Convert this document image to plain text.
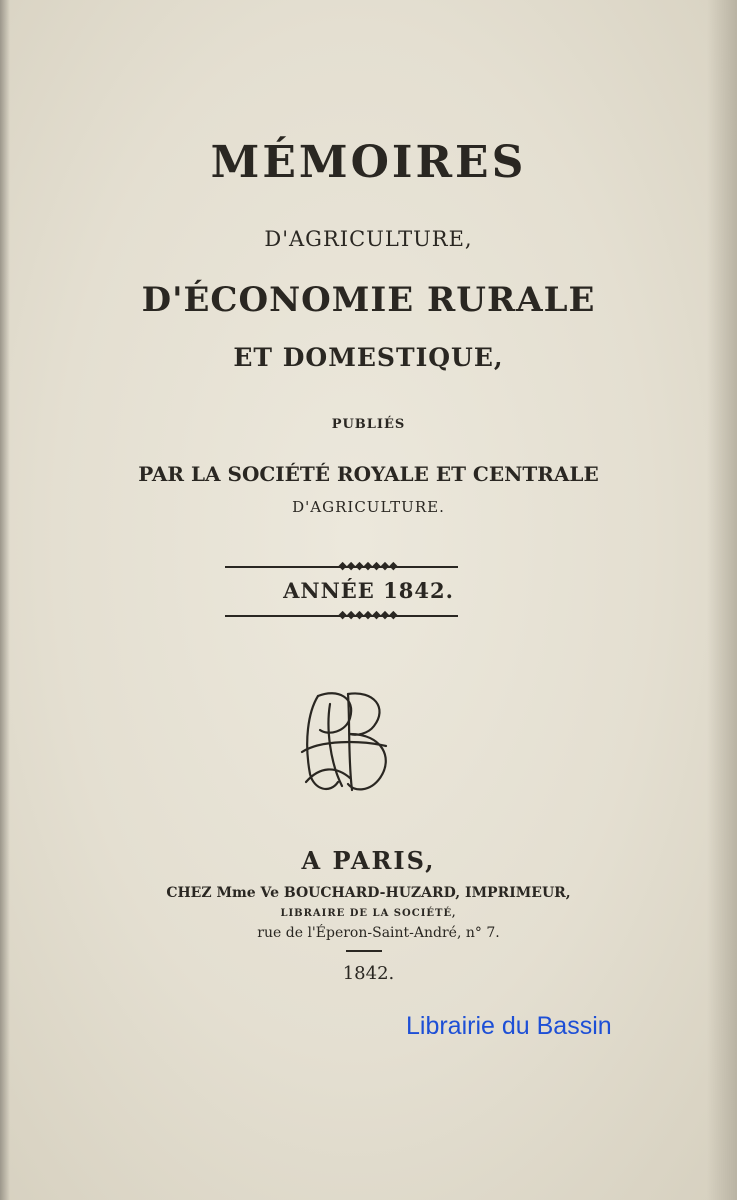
MÉMOIRES
D'AGRICULTURE,
D'ÉCONOMIE RURALE
ET DOMESTIQUE,
PUBLIÉS
PAR LA SOCIÉTÉ ROYALE ET CENTRALE
D'AGRICULTURE.
◆◆◆◆◆◆◆
ANNÉE 1842.
◆◆◆◆◆◆◆
A PARIS,
CHEZ Mme Ve BOUCHARD-HUZARD, IMPRIMEUR,
LIBRAIRE DE LA SOCIÉTÉ,
rue de l'Éperon-Saint-André, n° 7.
1842.
Librairie du Bassin
